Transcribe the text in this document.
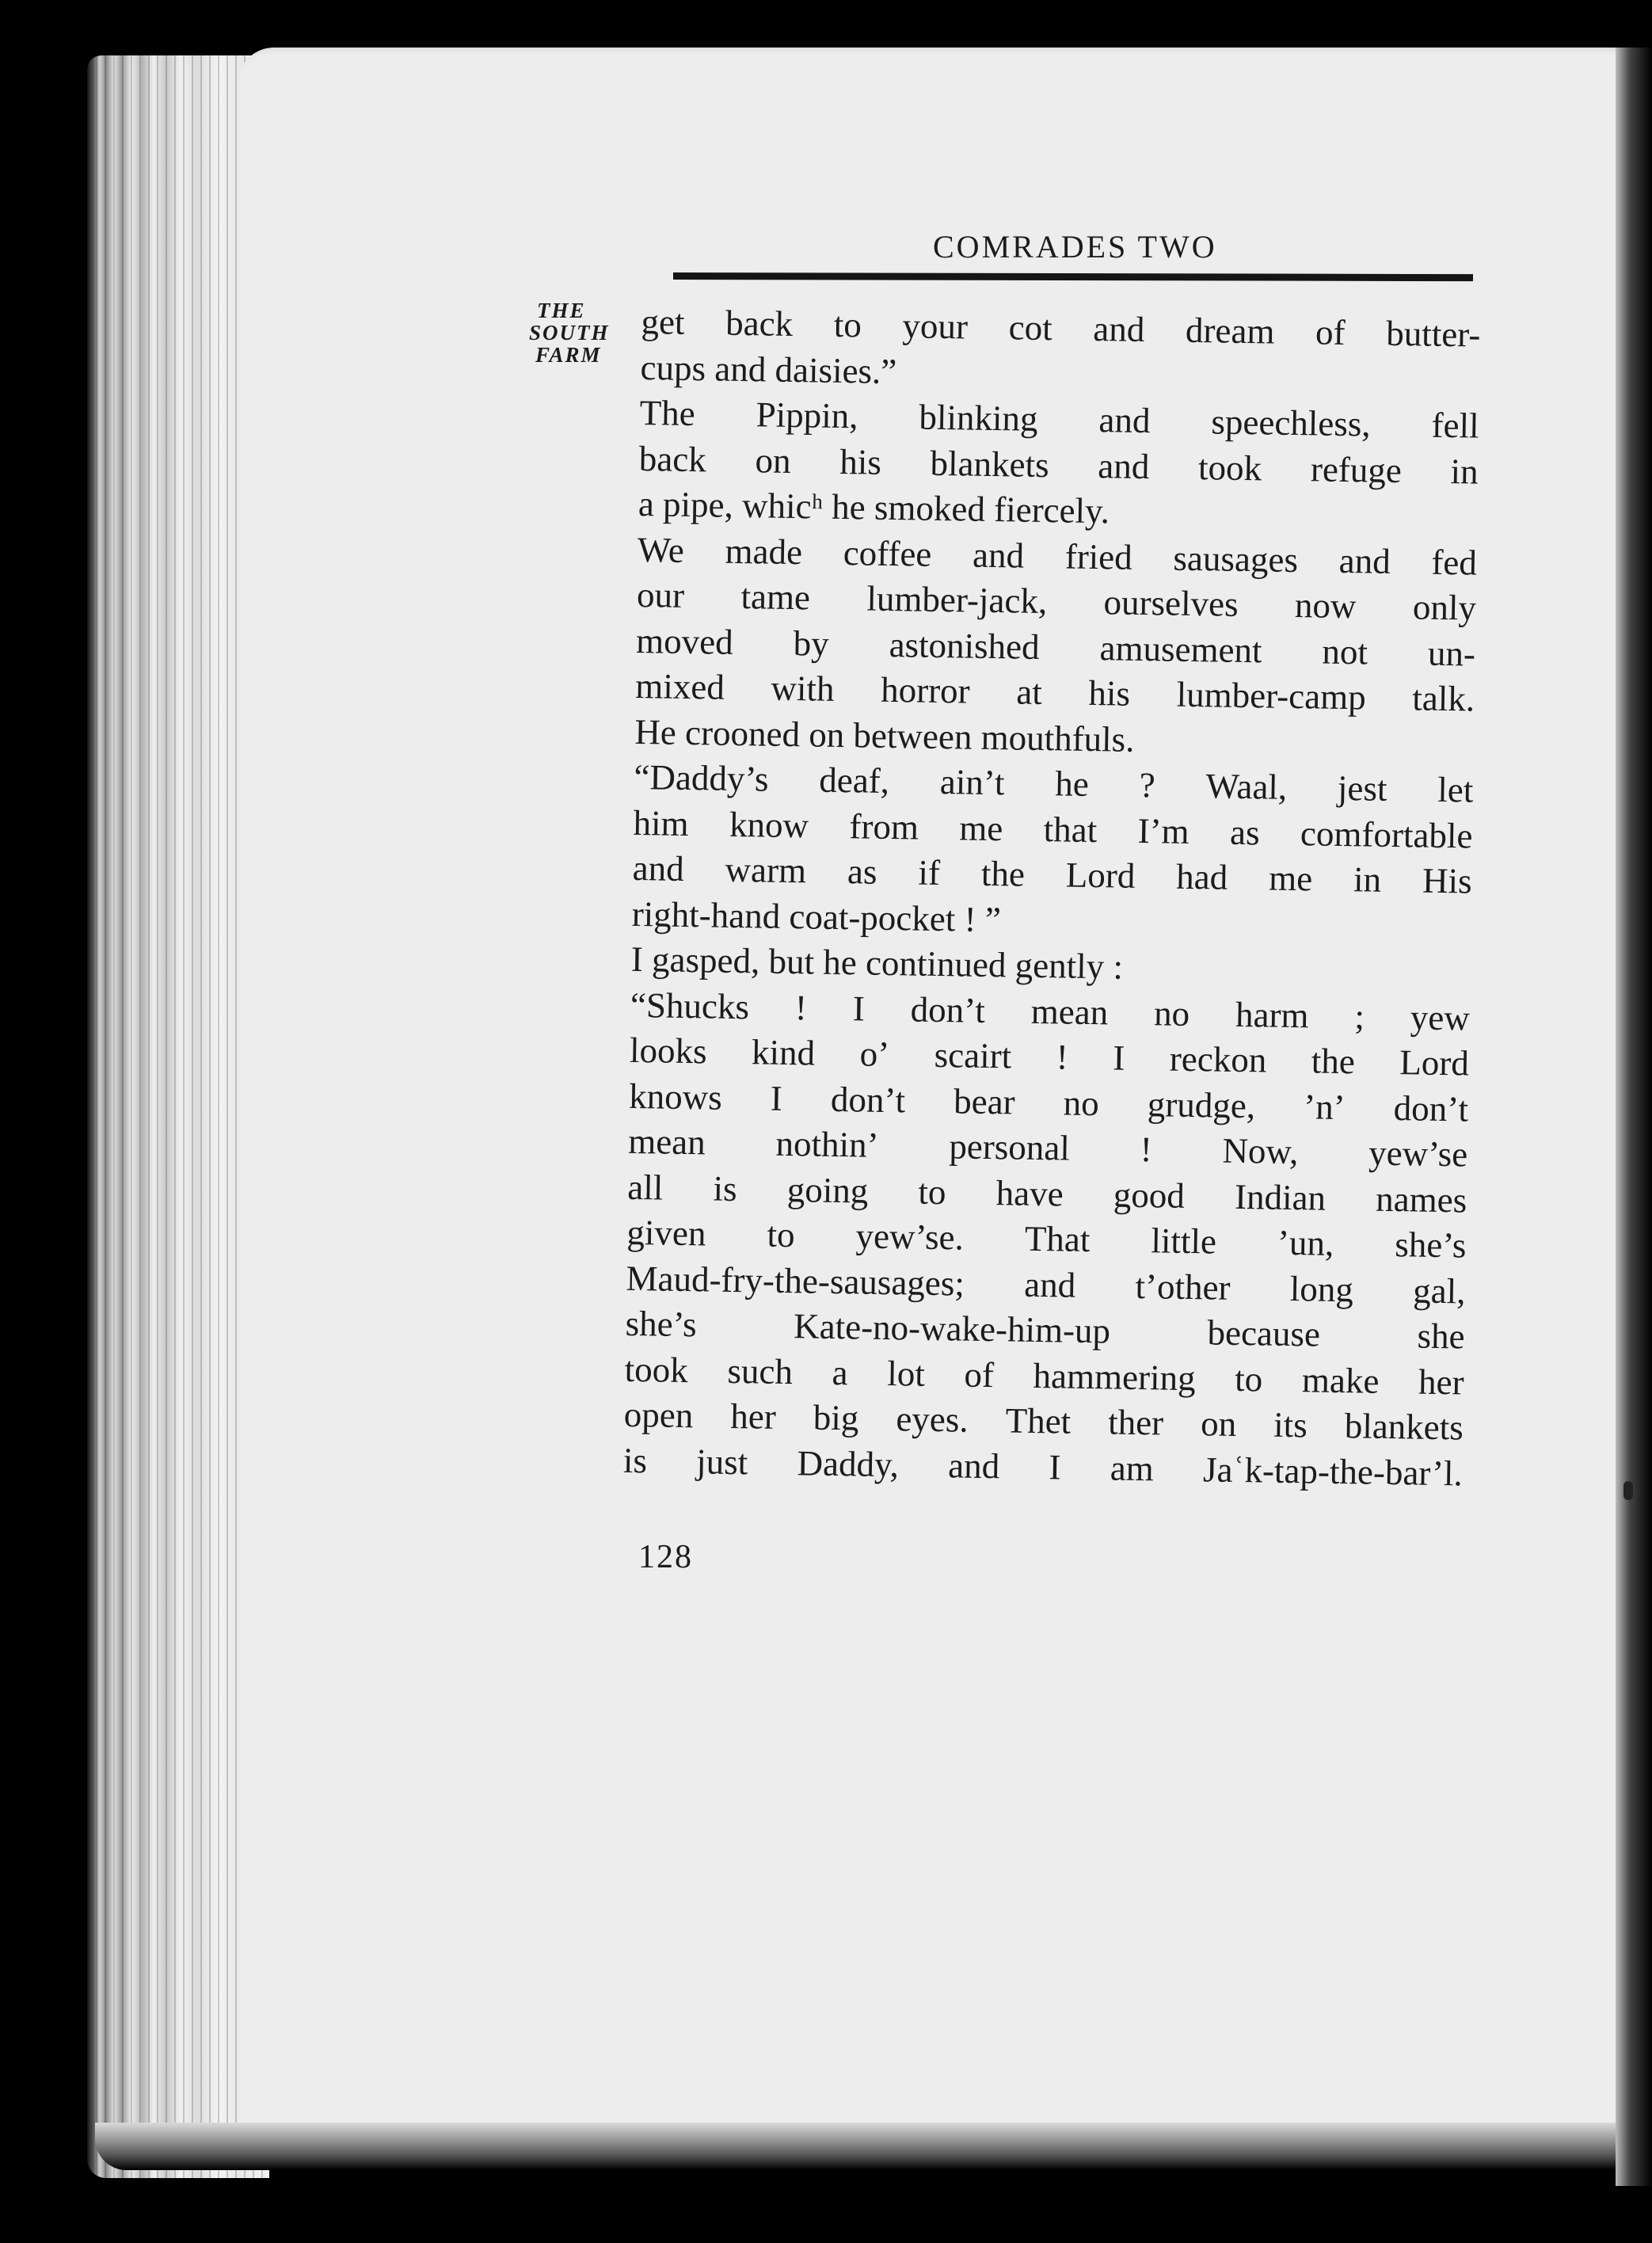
COMRADES TWO
THE
SOUTH
FARM
get back to your cot and dream of butter-
cups and daisies.”
The Pippin, blinking and speechless, fell
back on his blankets and took refuge in
a pipe, whicʰ he smoked fiercely.
We made coffee and fried sausages and fed
our tame lumber-jack, ourselves now only
moved by astonished amusement not un-
mixed with horror at his lumber-camp talk.
He crooned on between mouthfuls.
“Daddy’s deaf, ain’t he ? Waal, jest let
him know from me that I’m as comfortable
and warm as if the Lord had me in His
right-hand coat-pocket ! ”
I gasped, but he continued gently :
“Shucks ! I don’t mean no harm ; yew
looks kind o’ scairt ! I reckon the Lord
knows I don’t bear no grudge, ’n’ don’t
mean nothin’ personal ! Now, yew’se
all is going to have good Indian names
given to yew’se. That little ’un, she’s
Maud-fry-the-sausages; and t’other long gal,
she’s	Kate-no-wake-him-up	because	she
took such a lot of hammering to make her
open her big eyes. Thet ther on its blankets
is just Daddy, and I am Jaʿk-tap-the-bar’l.
128
